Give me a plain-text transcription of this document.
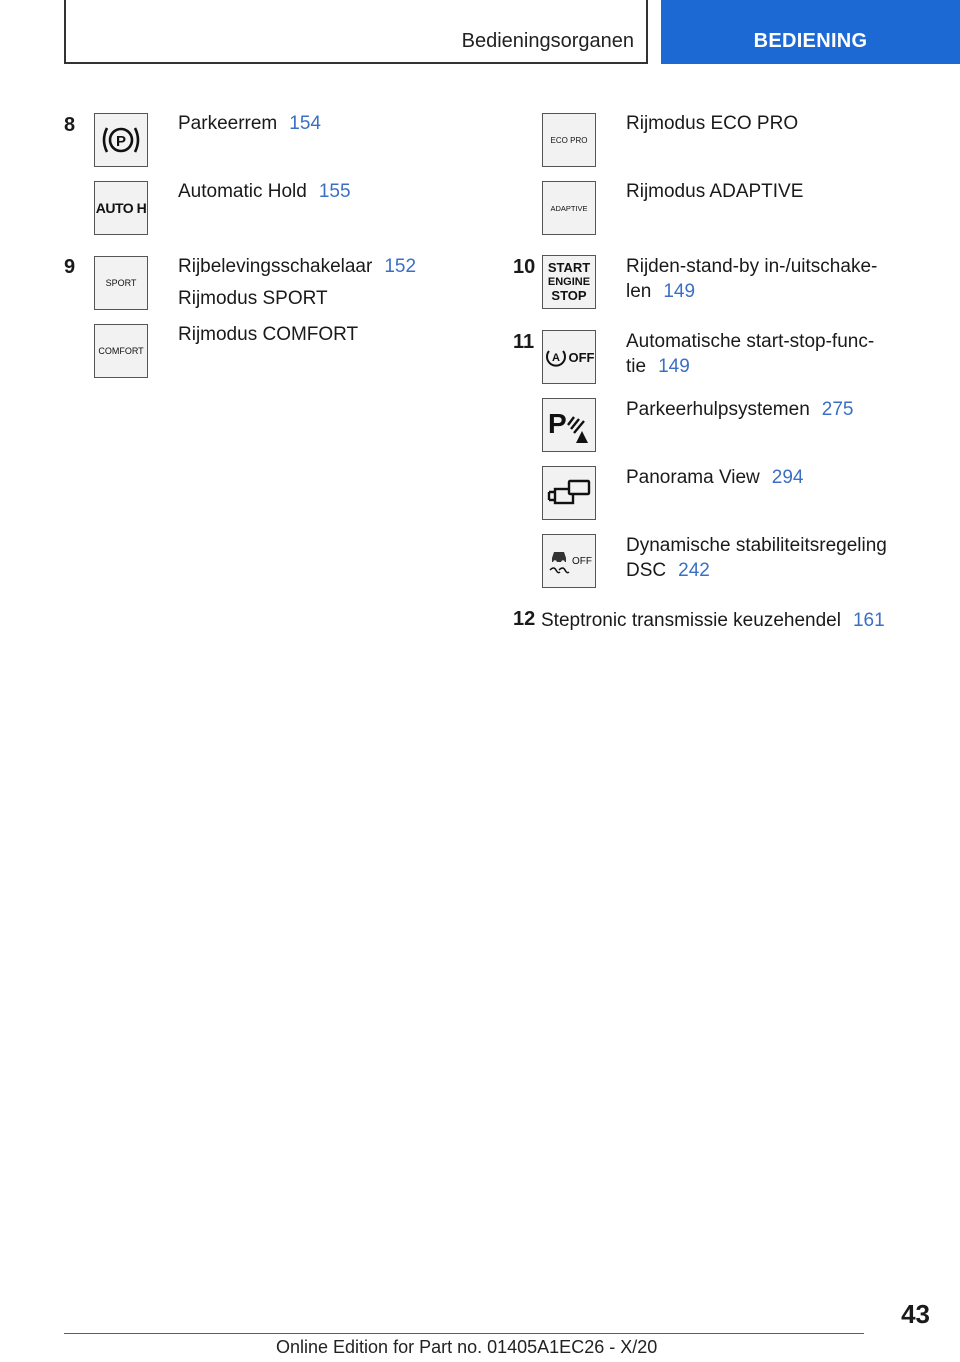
Bedieningsorganen	BEDIENING
8
P
Parkeerrem 154
AUTO H
Automatic Hold 155
9
SPORT
Rijbelevingsschakelaar 152
Rijmodus SPORT
COMFORT
Rijmodus COMFORT
ECO PRO
Rijmodus ECO PRO
ADAPTIVE
Rijmodus ADAPTIVE
10 START
ENGINE
STOP
Rijden-stand-by in-/uitschake-
len 149
11
A OFF
Automatische start-stop-func-
tie 149
P	Parkeerhulpsystemen 275
Panorama View 294
OFF
Dynamische stabiliteitsregeling
DSC 242
12 Steptronic transmissie keuzehendel 161
43
Online Edition for Part no. 01405A1EC26 - X/20
